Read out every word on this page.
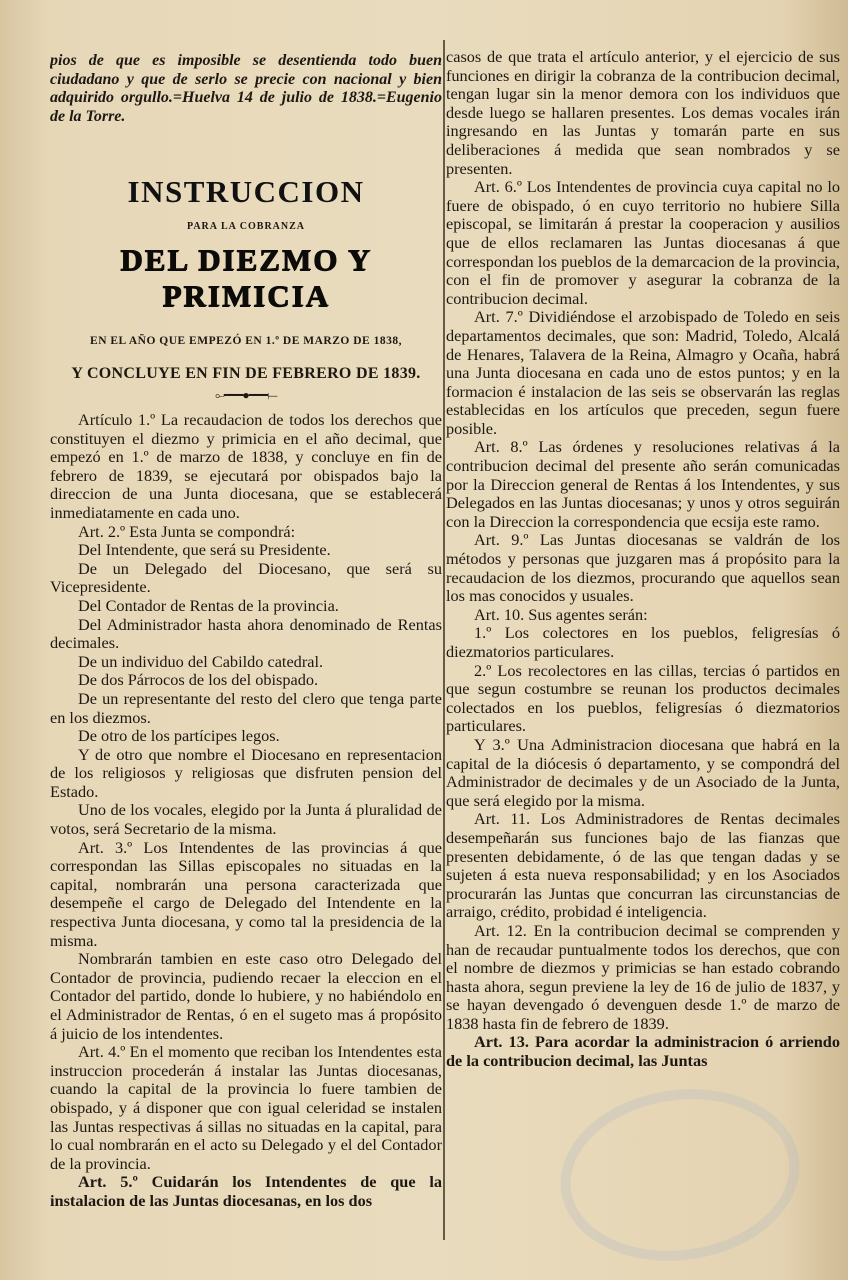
pios de que es imposible se desentienda todo buen ciudadano y que de serlo se precie con nacional y bien adquirido orgullo.=Huelva 14 de julio de 1838.=Eugenio de la Torre.

INSTRUCCION
PARA LA COBRANZA
DEL DIEZMO Y PRIMICIA
EN EL AÑO QUE EMPEZÓ EN 1.º DE MARZO DE 1838,
Y CONCLUYE EN FIN DE FEBRERO DE 1839.
⟜━━━●━━━⟝

Artículo 1.º La recaudacion de todos los derechos que constituyen el diezmo y primicia en el año decimal, que empezó en 1.º de marzo de 1838, y concluye en fin de febrero de 1839, se ejecutará por obispados bajo la direccion de una Junta diocesana, que se establecerá inmediatamente en cada uno.

Art. 2.º Esta Junta se compondrá:

Del Intendente, que será su Presidente.

De un Delegado del Diocesano, que será su Vicepresidente.

Del Contador de Rentas de la provincia.

Del Administrador hasta ahora denominado de Rentas decimales.

De un individuo del Cabildo catedral.

De dos Párrocos de los del obispado.

De un representante del resto del clero que tenga parte en los diezmos.

De otro de los partícipes legos.

Y de otro que nombre el Diocesano en representacion de los religiosos y religiosas que disfruten pension del Estado.

Uno de los vocales, elegido por la Junta á pluralidad de votos, será Secretario de la misma.

Art. 3.º Los Intendentes de las provincias á que correspondan las Sillas episcopales no situadas en la capital, nombrarán una persona caracterizada que desempeñe el cargo de Delegado del Intendente en la respectiva Junta diocesana, y como tal la presidencia de la misma.

Nombrarán tambien en este caso otro Delegado del Contador de provincia, pudiendo recaer la eleccion en el Contador del partido, donde lo hubiere, y no habiéndolo en el Administrador de Rentas, ó en el sugeto mas á propósito á juicio de los intendentes.

Art. 4.º En el momento que reciban los Intendentes esta instruccion procederán á instalar las Juntas diocesanas, cuando la capital de la provincia lo fuere tambien de obispado, y á disponer que con igual celeridad se instalen las Juntas respectivas á sillas no situadas en la capital, para lo cual nombrarán en el acto su Delegado y el del Contador de la provincia.

Art. 5.º Cuidarán los Intendentes de que la instalacion de las Juntas diocesanas, en los dos

casos de que trata el artículo anterior, y el ejercicio de sus funciones en dirigir la cobranza de la contribucion decimal, tengan lugar sin la menor demora con los individuos que desde luego se hallaren presentes. Los demas vocales irán ingresando en las Juntas y tomarán parte en sus deliberaciones á medida que sean nombrados y se presenten.

Art. 6.º Los Intendentes de provincia cuya capital no lo fuere de obispado, ó en cuyo territorio no hubiere Silla episcopal, se limitarán á prestar la cooperacion y ausilios que de ellos reclamaren las Juntas diocesanas á que correspondan los pueblos de la demarcacion de la provincia, con el fin de promover y asegurar la cobranza de la contribucion decimal.

Art. 7.º Dividiéndose el arzobispado de Toledo en seis departamentos decimales, que son: Madrid, Toledo, Alcalá de Henares, Talavera de la Reina, Almagro y Ocaña, habrá una Junta diocesana en cada uno de estos puntos; y en la formacion é instalacion de las seis se observarán las reglas establecidas en los artículos que preceden, segun fuere posible.

Art. 8.º Las órdenes y resoluciones relativas á la contribucion decimal del presente año serán comunicadas por la Direccion general de Rentas á los Intendentes, y sus Delegados en las Juntas diocesanas; y unos y otros seguirán con la Direccion la correspondencia que ecsija este ramo.

Art. 9.º Las Juntas diocesanas se valdrán de los métodos y personas que juzgaren mas á propósito para la recaudacion de los diezmos, procurando que aquellos sean los mas conocidos y usuales.

Art. 10. Sus agentes serán:

1.º Los colectores en los pueblos, feligresías ó diezmatorios particulares.

2.º Los recolectores en las cillas, tercias ó partidos en que segun costumbre se reunan los productos decimales colectados en los pueblos, feligresías ó diezmatorios particulares.

Y 3.º Una Administracion diocesana que habrá en la capital de la diócesis ó departamento, y se compondrá del Administrador de decimales y de un Asociado de la Junta, que será elegido por la misma.

Art. 11. Los Administradores de Rentas decimales desempeñarán sus funciones bajo de las fianzas que presenten debidamente, ó de las que tengan dadas y se sujeten á esta nueva responsabilidad; y en los Asociados procurarán las Juntas que concurran las circunstancias de arraigo, crédito, probidad é inteligencia.

Art. 12. En la contribucion decimal se comprenden y han de recaudar puntualmente todos los derechos, que con el nombre de diezmos y primicias se han estado cobrando hasta ahora, segun previene la ley de 16 de julio de 1837, y se hayan devengado ó devenguen desde 1.º de marzo de 1838 hasta fin de febrero de 1839.

Art. 13. Para acordar la administracion ó arriendo de la contribucion decimal, las Juntas
